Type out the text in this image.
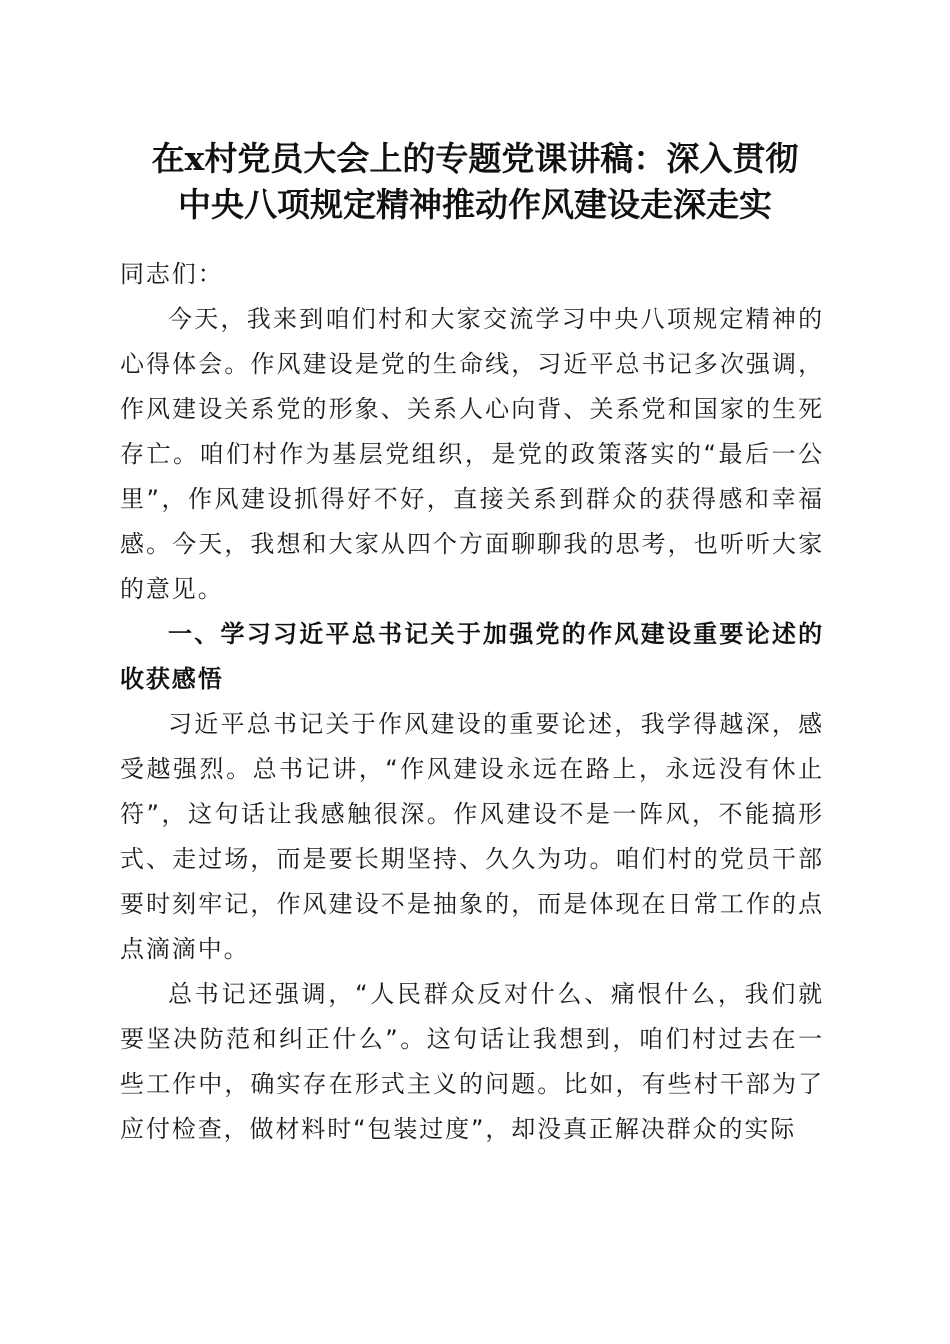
在x村党员大会上的专题党课讲稿：深入贯彻
中央八项规定精神推动作风建设走深走实

同志们：

今天，我来到咱们村和大家交流学习中央八项规定精神的心得体会。作风建设是党的生命线，习近平总书记多次强调，作风建设关系党的形象、关系人心向背、关系党和国家的生死存亡。咱们村作为基层党组织，是党的政策落实的“最后一公里”，作风建设抓得好不好，直接关系到群众的获得感和幸福感。今天，我想和大家从四个方面聊聊我的思考，也听听大家的意见。

一、学习习近平总书记关于加强党的作风建设重要论述的收获感悟

习近平总书记关于作风建设的重要论述，我学得越深，感受越强烈。总书记讲，“作风建设永远在路上，永远没有休止符”，这句话让我感触很深。作风建设不是一阵风，不能搞形式、走过场，而是要长期坚持、久久为功。咱们村的党员干部要时刻牢记，作风建设不是抽象的，而是体现在日常工作的点点滴滴中。

总书记还强调，“人民群众反对什么、痛恨什么，我们就要坚决防范和纠正什么”。这句话让我想到，咱们村过去在一些工作中，确实存在形式主义的问题。比如，有些村干部为了应付检查，做材料时“包装过度”，却没真正解决群众的实际
